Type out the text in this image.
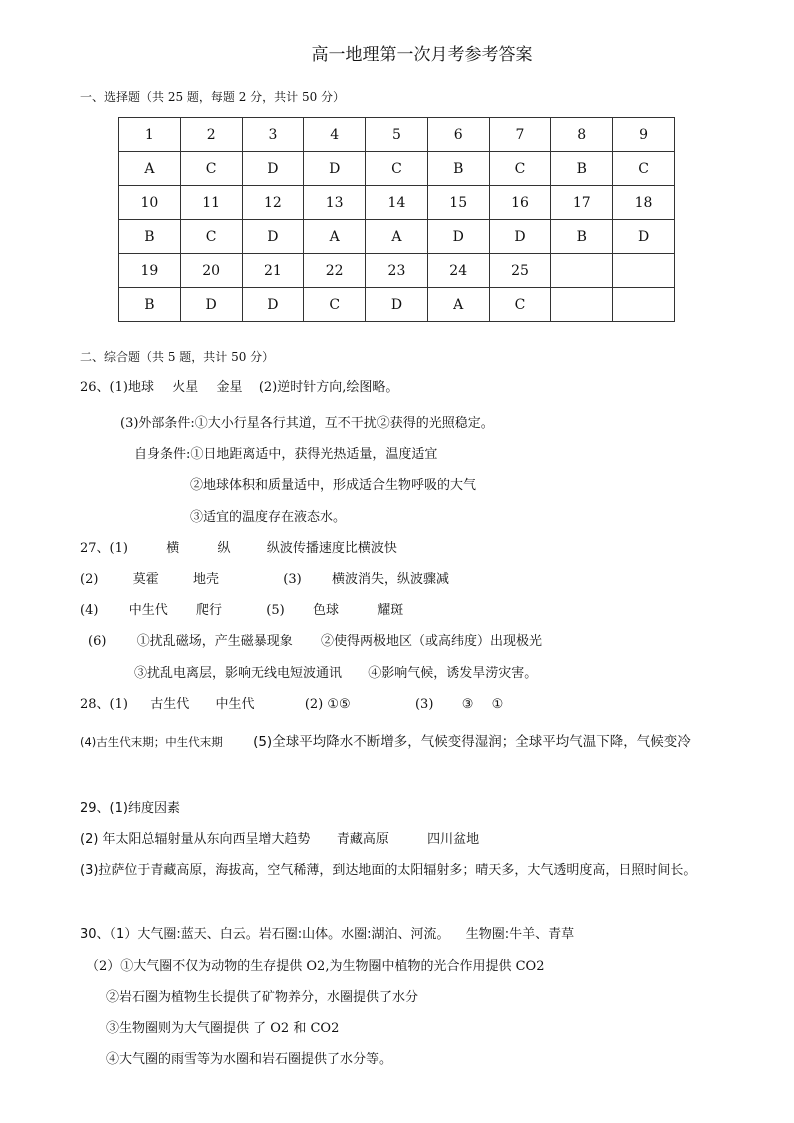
高一地理第一次月考参考答案
一、选择题（共 25 题，每题 2 分，共计 50 分）
1	2	3	4	5	6	7	8	9
A	C	D	D	C	B	C	B	C
10	11	12	13	14	15	16	17	18
B	C	D	A	A	D	D	B	D
19	20	21	22	23	24	25		
B	D	D	C	D	A	C		
二、综合题（共 5 题，共计 50 分）
26、(1)地球 火星 金星 (2)逆时针方向,绘图略。
(3)外部条件:①大小行星各行其道，互不干扰②获得的光照稳定。
自身条件:①日地距离适中，获得光热适量，温度适宜
②地球体积和质量适中，形成适合生物呼吸的大气
③适宜的温度存在液态水。
27、(1)	横	纵	纵波传播速度比横波快
(2)	莫霍	地壳	(3) 横波消失，纵波骤减
(4) 中生代 爬行	(5) 色球	耀斑
(6) ①扰乱磁场，产生磁暴现象 ②使得两极地区（或高纬度）出现极光
③扰乱电离层，影响无线电短波通讯 ④影响气候，诱发旱涝灾害。
28、(1) 古生代 中生代	(2) ①⑤	(3) ③ ①
(4)古生代末期；中生代末期 (5)全球平均降水不断增多，气候变得湿润；全球平均气温下降，气候变冷
29、(1)纬度因素
(2) 年太阳总辐射量从东向西呈增大趋势 青藏高原	四川盆地
(3)拉萨位于青藏高原，海拔高，空气稀薄，到达地面的太阳辐射多；晴天多，大气透明度高，日照时间长。
30、（1）大气圈:蓝天、白云。岩石圈:山体。水圈:湖泊、河流。 生物圈:牛羊、青草
（2）①大气圈不仅为动物的生存提供 O2,为生物圈中植物的光合作用提供 CO2
②岩石圈为植物生长提供了矿物养分，水圈提供了水分
③生物圈则为大气圈提供 了 O2 和 CO2
④大气圈的雨雪等为水圈和岩石圈提供了水分等。
